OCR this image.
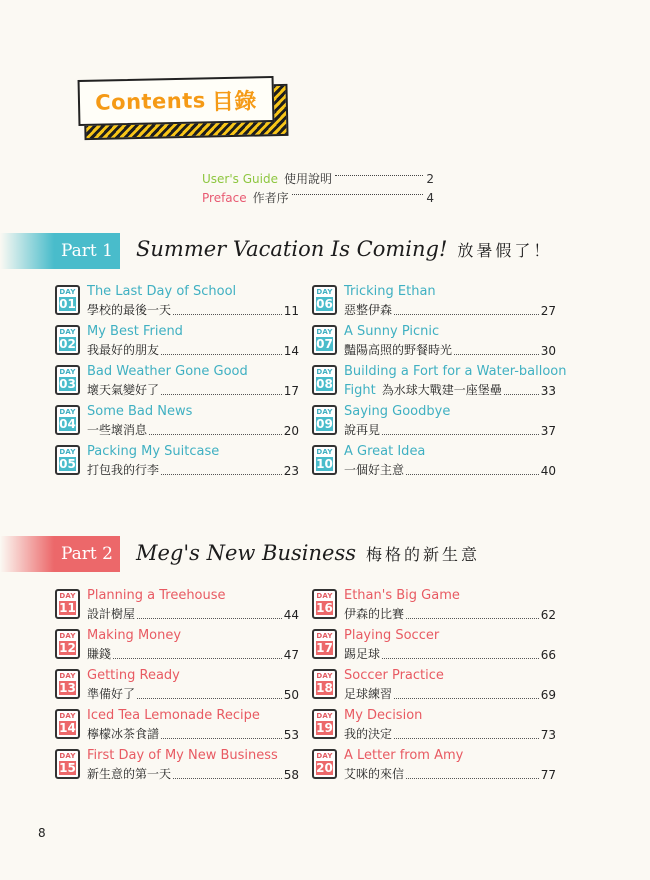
Contents 目錄
User's Guide 使用說明	2
Preface 作者序	4
Part 1	Summer Vacation Is Coming! 放暑假了！
Part 2	Meg's New Business 梅格的新生意
DAY
01
The Last Day of School
學校的最後一天	11
DAY
02
My Best Friend
我最好的朋友	14
DAY
03
Bad Weather Gone Good
壞天氣變好了	17
DAY
04
Some Bad News
一些壞消息	20
DAY
05
Packing My Suitcase
打包我的行李	23
DAY
06
Tricking Ethan
惡整伊森	27
DAY
07
A Sunny Picnic
豔陽高照的野餐時光	30
DAY
08
Building a Fort for a Water-balloon
Fight 為水球大戰建一座堡壘	33
DAY
09
Saying Goodbye
說再見	37
DAY
10
A Great Idea
一個好主意	40
DAY
11
Planning a Treehouse
設計樹屋	44
DAY
12
Making Money
賺錢	47
DAY
13
Getting Ready
準備好了	50
DAY
14
Iced Tea Lemonade Recipe
檸檬冰茶食譜	53
DAY
15
First Day of My New Business
新生意的第一天	58
DAY
16
Ethan's Big Game
伊森的比賽	62
DAY
17
Playing Soccer
踢足球	66
DAY
18
Soccer Practice
足球練習	69
DAY
19
My Decision
我的決定	73
DAY
20
A Letter from Amy
艾咪的來信	77
8
